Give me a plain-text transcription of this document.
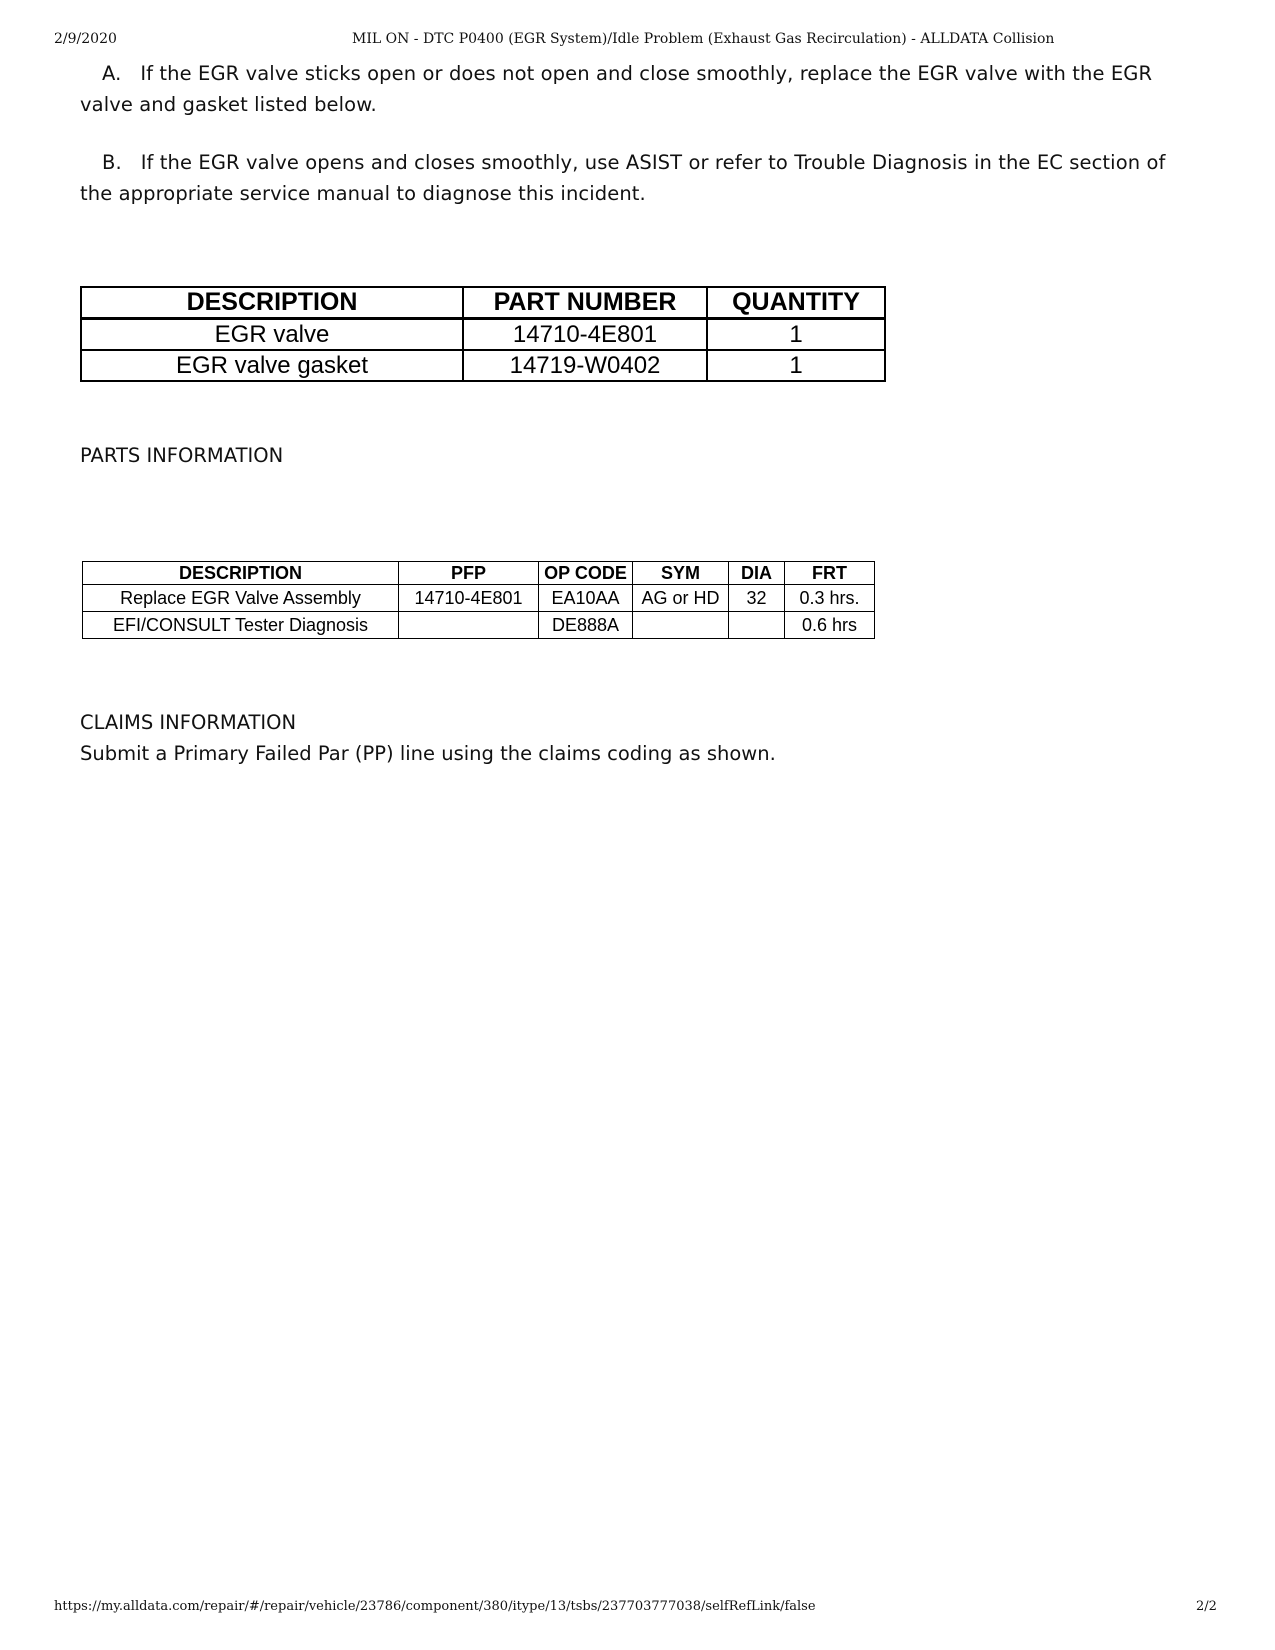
2/9/2020	MIL ON - DTC P0400 (EGR System)/Idle Problem (Exhaust Gas Recirculation) - ALLDATA Collision
A. If the EGR valve sticks open or does not open and close smoothly, replace the EGR valve with the EGR valve and gasket listed below.
B. If the EGR valve opens and closes smoothly, use ASIST or refer to Trouble Diagnosis in the EC section of the appropriate service manual to diagnose this incident.
DESCRIPTION	PART NUMBER	QUANTITY
EGR valve	14710-4E801	1
EGR valve gasket	14719-W0402	1
PARTS INFORMATION
DESCRIPTION	PFP	OP CODE	SYM	DIA	FRT
Replace EGR Valve Assembly	14710-4E801	EA10AA	AG or HD	32	0.3 hrs.
EFI/CONSULT Tester Diagnosis		DE888A			0.6 hrs
CLAIMS INFORMATION
Submit a Primary Failed Par (PP) line using the claims coding as shown.
https://my.alldata.com/repair/#/repair/vehicle/23786/component/380/itype/13/tsbs/237703777038/selfRefLink/false	2/2
